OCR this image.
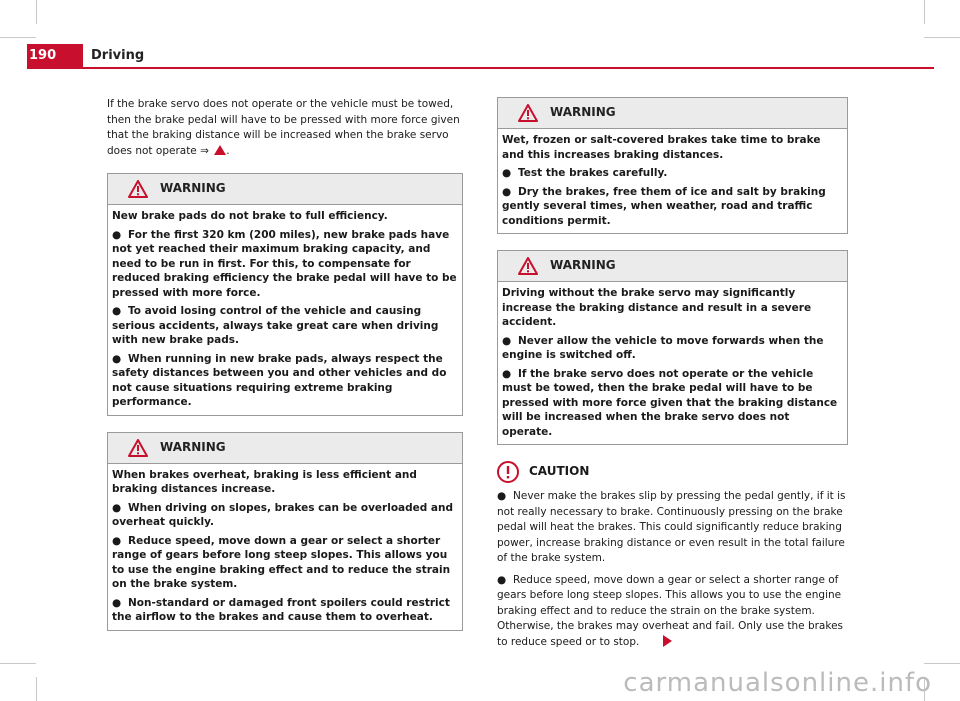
190	Driving

If the brake servo does not operate or the vehicle must be towed, then the brake pedal will have to be pressed with more force given that the braking distance will be increased when the brake servo does not operate ⇒ .

WARNING

New brake pads do not brake to full efficiency.

● For the first 320 km (200 miles), new brake pads have not yet reached their maximum braking capacity, and need to be run in first. For this, to compensate for reduced braking efficiency the brake pedal will have to be pressed with more force.

● To avoid losing control of the vehicle and causing serious accidents, always take great care when driving with new brake pads.

● When running in new brake pads, always respect the safety distances between you and other vehicles and do not cause situations requiring extreme braking performance.

WARNING

When brakes overheat, braking is less efficient and braking distances increase.

● When driving on slopes, brakes can be overloaded and overheat quickly.

● Reduce speed, move down a gear or select a shorter range of gears before long steep slopes. This allows you to use the engine braking effect and to reduce the strain on the brake system.

● Non-standard or damaged front spoilers could restrict the airflow to the brakes and cause them to overheat.

WARNING

Wet, frozen or salt-covered brakes take time to brake and this increases braking distances.

● Test the brakes carefully.

● Dry the brakes, free them of ice and salt by braking gently several times, when weather, road and traffic conditions permit.

WARNING

Driving without the brake servo may significantly increase the braking distance and result in a severe accident.

● Never allow the vehicle to move forwards when the engine is switched off.

● If the brake servo does not operate or the vehicle must be towed, then the brake pedal will have to be pressed with more force given that the braking distance will be increased when the brake servo does not operate.

CAUTION

● Never make the brakes slip by pressing the pedal gently, if it is not really necessary to brake. Continuously pressing on the brake pedal will heat the brakes. This could significantly reduce braking power, increase braking distance or even result in the total failure of the brake system.

● Reduce speed, move down a gear or select a shorter range of gears before long steep slopes. This allows you to use the engine braking effect and to reduce the strain on the brake system. Otherwise, the brakes may overheat and fail. Only use the brakes to reduce speed or to stop.

carmanualsonline.info
